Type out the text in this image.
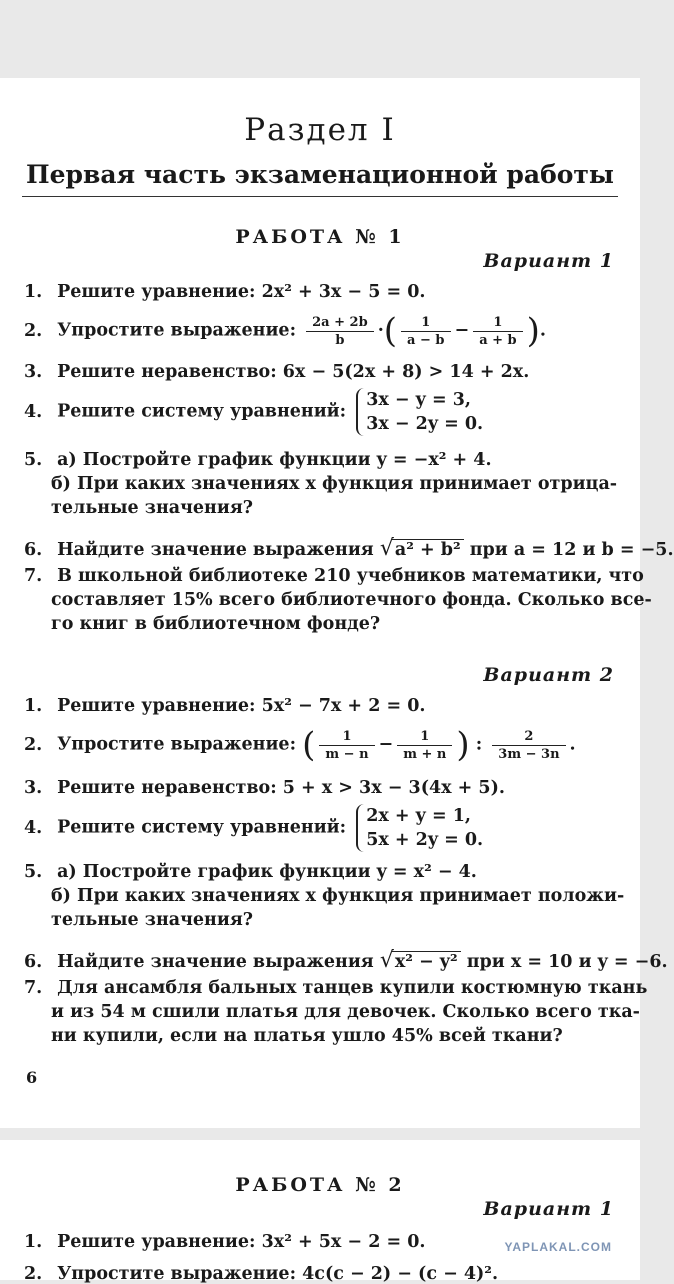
Раздел I
Первая часть экзаменационной работы
РАБОТА № 1
Вариант 1
1. Решите уравнение: 2x² + 3x − 5 = 0.
2. Упростите выражение: $\frac{2a + 2b}{b}$ ·( $\frac{1}{a - b} - \frac{1}{a + b}$ ).
3. Решите неравенство: 6x − 5(2x + 8) > 14 + 2x.
4. Решите систему уравнений: 3x − y = 3,
3x − 2y = 0.
5. а) Постройте график функции y = −x² + 4.
б) При каких значениях x функция принимает отрица-
тельные значения?
6. Найдите значение выражения √a² + b² при a = 12 и b = −5.
7. В школьной библиотеке 210 учебников математики, что
составляет 15% всего библиотечного фонда. Сколько все-
го книг в библиотечном фонде?
Вариант 2
1. Решите уравнение: 5x² − 7x + 2 = 0.
2. Упростите выражение: ( $\frac{1}{m - n} - \frac{1}{m + n}$ ) : $\frac{2}{3m - 3n}$ .
3. Решите неравенство: 5 + x > 3x − 3(4x + 5).
4. Решите систему уравнений: 2x + y = 1,
5x + 2y = 0.
5. а) Постройте график функции y = x² − 4.
б) При каких значениях x функция принимает положи-
тельные значения?
6. Найдите значение выражения √x² − y² при x = 10 и y = −6.
7. Для ансамбля бальных танцев купили костюмную ткань
и из 54 м сшили платья для девочек. Сколько всего тка-
ни купили, если на платья ушло 45% всей ткани?
6
РАБОТА № 2
Вариант 1
1. Решите уравнение: 3x² + 5x − 2 = 0.
2. Упростите выражение: 4c(c − 2) − (c − 4)².
YAPLAKAL.COM
